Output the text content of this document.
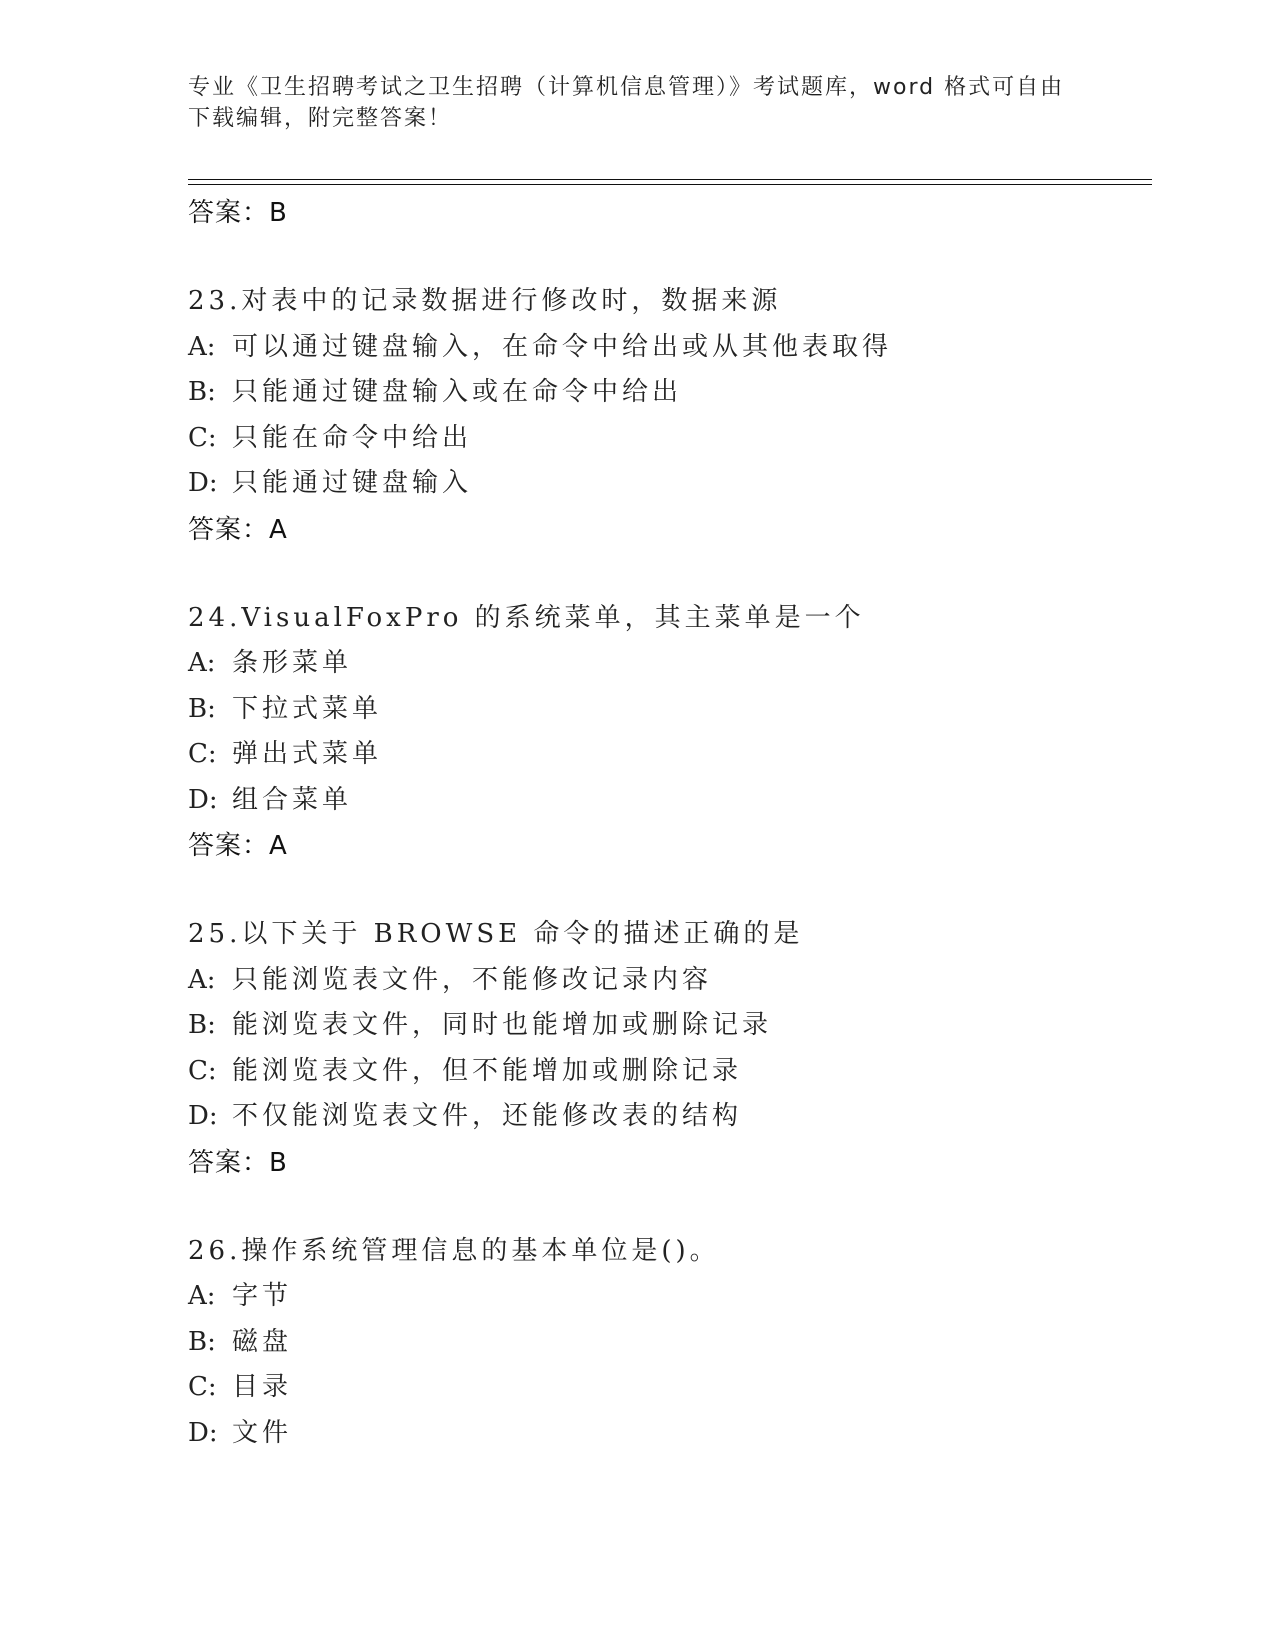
专业《卫生招聘考试之卫生招聘（计算机信息管理）》考试题库，word 格式可自由下载编辑，附完整答案！
答案：B
23.对表中的记录数据进行修改时，数据来源
A: 可以通过键盘输入，在命令中给出或从其他表取得
B: 只能通过键盘输入或在命令中给出
C: 只能在命令中给出
D: 只能通过键盘输入
答案：A
24.VisualFoxPro 的系统菜单，其主菜单是一个
A: 条形菜单
B: 下拉式菜单
C: 弹出式菜单
D: 组合菜单
答案：A
25.以下关于 BROWSE 命令的描述正确的是
A: 只能浏览表文件，不能修改记录内容
B: 能浏览表文件，同时也能增加或删除记录
C: 能浏览表文件，但不能增加或删除记录
D: 不仅能浏览表文件，还能修改表的结构
答案：B
26.操作系统管理信息的基本单位是()。
A: 字节
B: 磁盘
C: 目录
D: 文件
